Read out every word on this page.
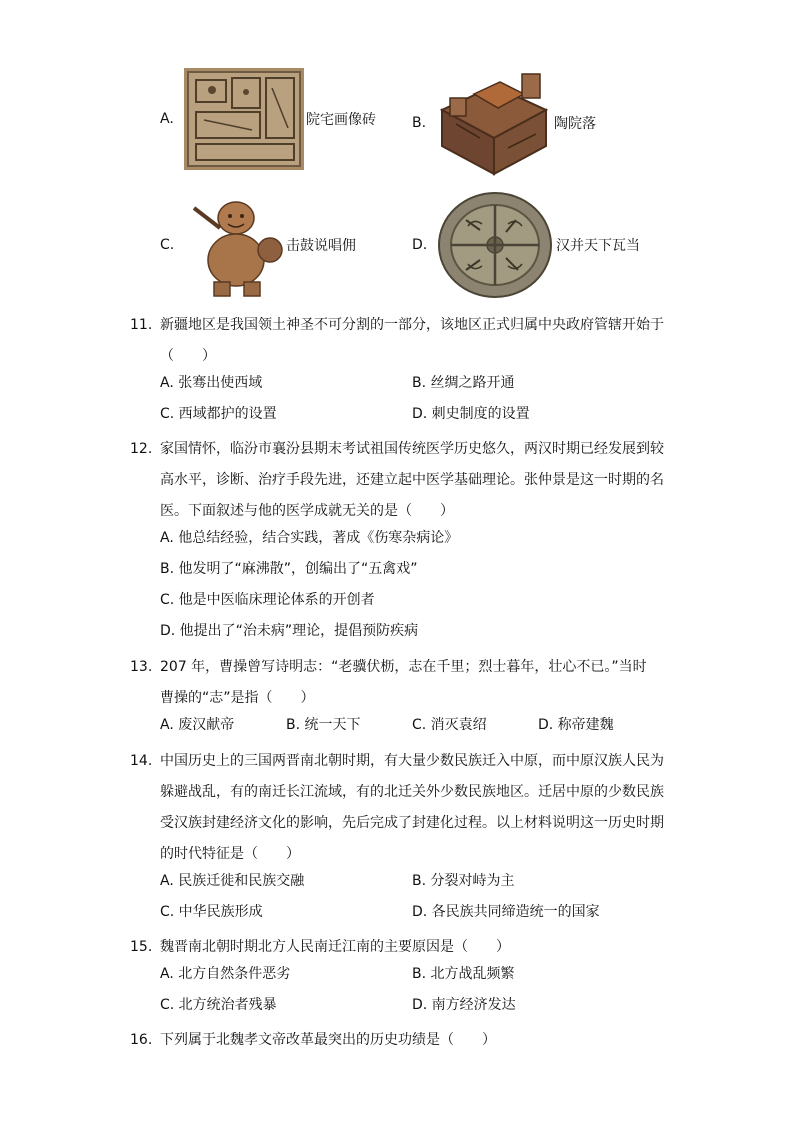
A.	院宅画像砖	B.	陶院落
C.	击鼓说唱佣	D.	汉并天下瓦当
11. 新疆地区是我国领土神圣不可分割的一部分，该地区正式归属中央政府管辖开始于
（　　）
A. 张骞出使西域	B. 丝绸之路开通
C. 西域都护的设置	D. 刺史制度的设置
12. 家国情怀，临汾市襄汾县期末考试祖国传统医学历史悠久，两汉时期已经发展到较
高水平，诊断、治疗手段先进，还建立起中医学基础理论。张仲景是这一时期的名
医。下面叙述与他的医学成就无关的是（　　）
A. 他总结经验，结合实践，著成《伤寒杂病论》
B. 他发明了“麻沸散”，创编出了“五禽戏”
C. 他是中医临床理论体系的开创者
D. 他提出了“治未病”理论，提倡预防疾病
13. 207 年，曹操曾写诗明志：“老骥伏枥，志在千里；烈士暮年，壮心不已。”当时
曹操的“志”是指（　　）
A. 废汉献帝	B. 统一天下	C. 消灭袁绍	D. 称帝建魏
14. 中国历史上的三国两晋南北朝时期，有大量少数民族迁入中原，而中原汉族人民为
躲避战乱，有的南迁长江流域，有的北迁关外少数民族地区。迁居中原的少数民族
受汉族封建经济文化的影响，先后完成了封建化过程。以上材料说明这一历史时期
的时代特征是（　　）
A. 民族迁徙和民族交融	B. 分裂对峙为主
C. 中华民族形成	D. 各民族共同缔造统一的国家
15. 魏晋南北朝时期北方人民南迁江南的主要原因是（　　）
A. 北方自然条件恶劣	B. 北方战乱频繁
C. 北方统治者残暴	D. 南方经济发达
16. 下列属于北魏孝文帝改革最突出的历史功绩是（　　）
